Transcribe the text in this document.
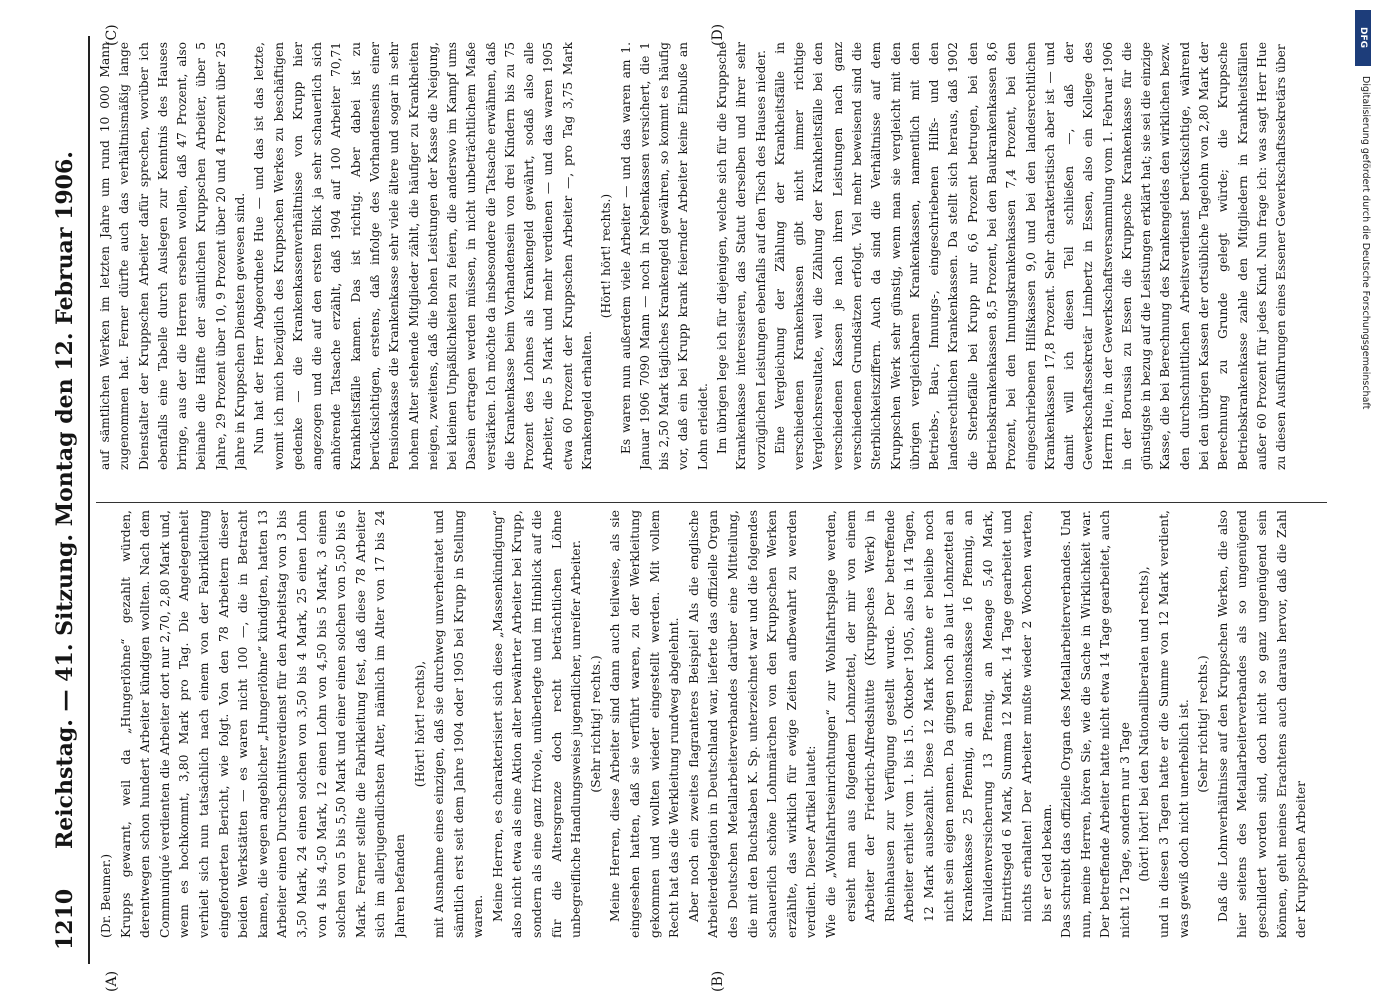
1210
Reichstag. — 41. Sitzung. Montag den 12. Februar 1906.
(A)	(B)
(C)	(D)

(Dr. Beumer.) Krupps gewarnt, weil da „Hungerlöhne“ gezahlt würden, derentwegen schon hundert Arbeiter kündigen wollten. Nach dem Communiqué verdienten die Arbeiter dort nur 2,70, 2,80 Mark und, wenn es hochkommt, 3,80 Mark pro Tag. Die Angelegenheit verhielt sich nun tatsächlich nach einem von der Fabrikleitung eingeforderten Bericht, wie folgt. Von den 78 Arbeitern dieser beiden Werkstätten — es waren nicht 100 —, die in Betracht kamen, die wegen angeblicher „Hungerlöhne“ kündigten, hatten 13 Arbeiter einen Durchschnittsverdienst für den Arbeitstag von 3 bis 3,50 Mark, 24 einen solchen von 3,50 bis 4 Mark, 25 einen Lohn von 4 bis 4,50 Mark, 12 einen Lohn von 4,50 bis 5 Mark, 3 einen solchen von 5 bis 5,50 Mark und einer einen solchen von 5,50 bis 6 Mark. Ferner stellte die Fabrikleitung fest, daß diese 78 Arbeiter sich im allerjugendlichsten Alter, nämlich im Alter von 17 bis 24 Jahren befanden

(Hört! hört! rechts), mit Ausnahme eines einzigen, daß sie durchweg unverheiratet und sämtlich erst seit dem Jahre 1904 oder 1905 bei Krupp in Stellung waren. Meine Herren, es charakterisiert sich diese „Massenkündigung“ also nicht etwa als eine Aktion alter bewährter Arbeiter bei Krupp, sondern als eine ganz frivole, unüberlegte und im Hinblick auf die für die Altersgrenze doch recht beträchtlichen Löhne unbegreifliche Handlungsweise jugendlicher, unreifer Arbeiter. (Sehr richtig! rechts.) Meine Herren, diese Arbeiter sind dann auch teilweise, als sie eingesehen hatten, daß sie verführt waren, zu der Werkleitung gekommen und wollten wieder eingestellt werden. Mit vollem Recht hat das die Werkleitung rundweg abgelehnt. Aber noch ein zweites flagranteres Beispiel! Als die englische Arbeiterdelegation in Deutschland war, lieferte das offizielle Organ des Deutschen Metallarbeiterverbandes darüber eine Mitteilung, die mit den Buchstaben K. Sp. unterzeichnet war und die folgendes schauerlich schöne Lohnmärchen von den Kruppschen Werken erzählte, das wirklich für ewige Zeiten aufbewahrt zu werden verdient. Dieser Artikel lautet: Wie die „Wohlfahrtseinrichtungen“ zur Wohlfahrtsplage werden, ersieht man aus folgendem Lohnzettel, der mir von einem Arbeiter der Friedrich-Alfredshütte (Kruppsches Werk) in Rheinhausen zur Verfügung gestellt wurde. Der betreffende Arbeiter erhielt vom 1. bis 15. Oktober 1905, also in 14 Tagen, 12 Mark ausbezahlt. Diese 12 Mark konnte er beileibe noch nicht sein eigen nennen. Da gingen noch ab laut Lohnzettel an Krankenkasse 25 Pfennig, an Pensionskasse 16 Pfennig, an Invalidenversicherung 13 Pfennig, an Menage 5,40 Mark, Eintrittsgeld 6 Mark, Summa 12 Mark. 14 Tage gearbeitet und nichts erhalten! Der Arbeiter mußte wieder 2 Wochen warten, bis er Geld bekam. Das schreibt das offizielle Organ des Metallarbeiterverbandes. Und nun, meine Herren, hören Sie, wie die Sache in Wirklichkeit war. Der betreffende Arbeiter hatte nicht etwa 14 Tage gearbeitet, auch nicht 12 Tage, sondern nur 3 Tage (hört! hört! bei den Nationalliberalen und rechts), und in diesen 3 Tagen hatte er die Summe von 12 Mark verdient, was gewiß doch nicht unerheblich ist. (Sehr richtig! rechts.) Daß die Lohnverhältnisse auf den Kruppschen Werken, die also hier seitens des Metallarbeiterverbandes als so ungenügend geschildert worden sind, doch nicht so ganz ungenügend sein können, geht meines Erachtens auch daraus hervor, daß die Zahl der Kruppschen Arbeiter

auf sämtlichen Werken im letzten Jahre um rund 10 000 Mann zugenommen hat. Ferner dürfte auch das verhältnismäßig lange Dienstalter der Kruppschen Arbeiter dafür sprechen, worüber ich ebenfalls eine Tabelle durch Auslegen zur Kenntnis des Hauses bringe, aus der die Herren ersehen wollen, daß 47 Prozent, also beinahe die Hälfte der sämtlichen Kruppschen Arbeiter, über 5 Jahre, 29 Prozent über 10, 9 Prozent über 20 und 4 Prozent über 25 Jahre in Kruppschen Diensten gewesen sind. Nun hat der Herr Abgeordnete Hue — und das ist das letzte, womit ich mich bezüglich des Kruppschen Werkes zu beschäftigen gedenke — die Krankenkassenverhältnisse von Krupp hier angezogen und die auf den ersten Blick ja sehr schauerlich sich anhörende Tatsache erzählt, daß 1904 auf 100 Arbeiter 70,71 Krankheitsfälle kamen. Das ist richtig. Aber dabei ist zu berücksichtigen, erstens, daß infolge des Vorhandenseins einer Pensionskasse die Krankenkasse sehr viele ältere und sogar in sehr hohem Alter stehende Mitglieder zählt, die häufiger zu Krankheiten neigen, zweitens, daß die hohen Leistungen der Kasse die Neigung, bei kleinen Unpäßlichkeiten zu feiern, die anderswo im Kampf ums Dasein ertragen werden müssen, in nicht unbeträchtlichem Maße verstärken. Ich möchte da insbesondere die Tatsache erwähnen, daß die Krankenkasse beim Vorhandensein von drei Kindern bis zu 75 Prozent des Lohnes als Krankengeld gewährt, sodaß also alle Arbeiter, die 5 Mark und mehr verdienen — und das waren 1905 etwa 60 Prozent der Kruppschen Arbeiter —, pro Tag 3,75 Mark Krankengeld erhalten.

(Hört! hört! rechts.) Es waren nun außerdem viele Arbeiter — und das waren am 1. Januar 1906 7090 Mann — noch in Nebenkassen versichert, die 1 bis 2,50 Mark tägliches Krankengeld gewähren, so kommt es häufig vor, daß ein bei Krupp krank feiernder Arbeiter keine Einbuße an Lohn erleidet. Im übrigen lege ich für diejenigen, welche sich für die Kruppsche Krankenkasse interessieren, das Statut derselben und ihrer sehr vorzüglichen Leistungen ebenfalls auf den Tisch des Hauses nieder. Eine Vergleichung der Zählung der Krankheitsfälle in verschiedenen Krankenkassen gibt nicht immer richtige Vergleichsresultate, weil die Zählung der Krankheitsfälle bei den verschiedenen Kassen je nach ihren Leistungen nach ganz verschiedenen Grundsätzen erfolgt. Viel mehr beweisend sind die Sterblichkeitsziffern. Auch da sind die Verhältnisse auf dem Kruppschen Werk sehr günstig, wenn man sie vergleicht mit den übrigen vergleichbaren Krankenkassen, namentlich mit den Betriebs-, Bau-, Innungs-, eingeschriebenen Hilfs- und den landesrechtlichen Krankenkassen. Da stellt sich heraus, daß 1902 die Sterbefälle bei Krupp nur 6,6 Prozent betrugen, bei den Betriebskrankenkassen 8,5 Prozent, bei den Baukrankenkassen 8,6 Prozent, bei den Innungskrankenkassen 7,4 Prozent, bei den eingeschriebenen Hilfskassen 9,0 und bei den landesrechtlichen Krankenkassen 17,8 Prozent. Sehr charakteristisch aber ist — und damit will ich diesen Teil schließen —, daß der Gewerkschaftssekretär Limbertz in Essen, also ein Kollege des Herrn Hue, in der Gewerkschaftsversammlung vom 1. Februar 1906 in der Borussia zu Essen die Kruppsche Krankenkasse für die günstigste in bezug auf die Leistungen erklärt hat; sie sei die einzige Kasse, die bei Berechnung des Krankengeldes den wirklichen bezw. den durchschnittlichen Arbeitsverdienst berücksichtige, während bei den übrigen Kassen der ortsübliche Tagelohn von 2,80 Mark der Berechnung zu Grunde gelegt würde; die Kruppsche Betriebskrankenkasse zahle den Mitgliedern in Krankheitsfällen außer 60 Prozent für jedes Kind. Nun frage ich: was sagt Herr Hue zu diesen Ausführungen eines Essener Gewerkschaftssekretärs über

DFG
Digitalisierung gefördert durch die Deutsche Forschungsgemeinschaft
